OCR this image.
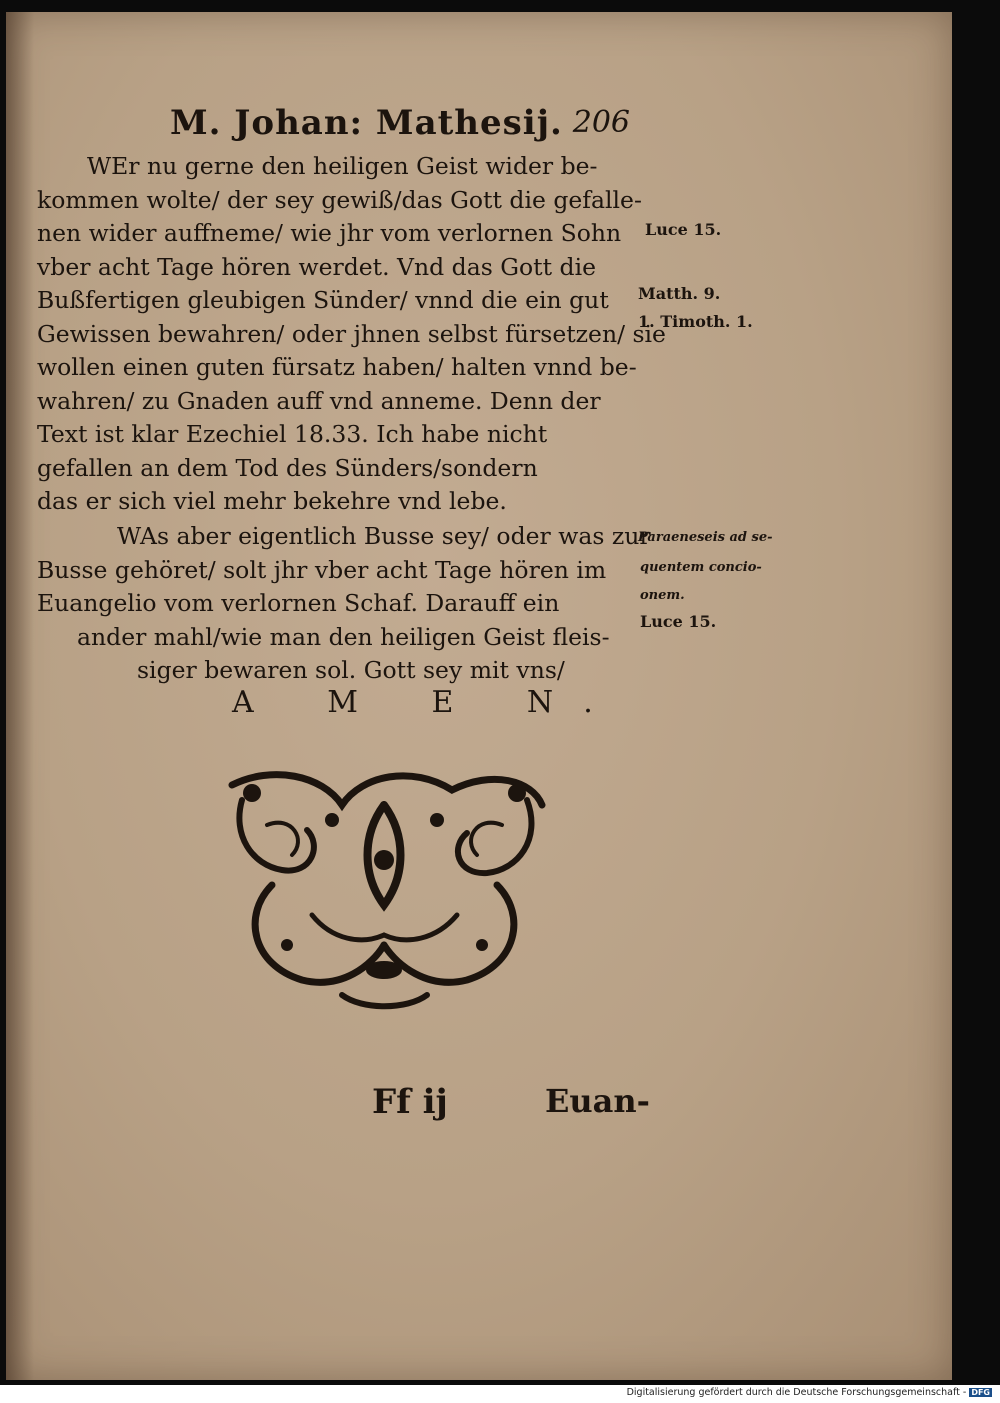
M. Johan: Mathesij. 206
WEr nu gerne den heiligen Geist wider be-
kommen wolte/ der sey gewiß/das Gott die gefalle-
nen wider auffneme/ wie jhr vom verlornen Sohn
vber acht Tage hören werdet. Vnd das Gott die
Bußfertigen gleubigen Sünder/ vnnd die ein gut
Gewissen bewahren/ oder jhnen selbst fürsetzen/ sie
wollen einen guten fürsatz haben/ halten vnnd be-
wahren/ zu Gnaden auff vnd anneme. Denn der
Text ist klar Ezechiel 18.33. Ich habe nicht
gefallen an dem Tod des Sünders/sondern
das er sich viel mehr bekehre vnd lebe.
WAs aber eigentlich Busse sey/ oder was zur
Busse gehöret/ solt jhr vber acht Tage hören im
Euangelio vom verlornen Schaf. Darauff ein
ander mahl/wie man den heiligen Geist fleis-
siger bewaren sol. Gott sey mit vns/
A M E N.
Luce 15.
Matth. 9.
1. Timoth. 1.
Paraeneseis ad se-
quentem concio-
onem.
Luce 15.
Ff ij	Euan-
Digitalisierung gefördert durch die Deutsche Forschungsgemeinschaft - DFG
